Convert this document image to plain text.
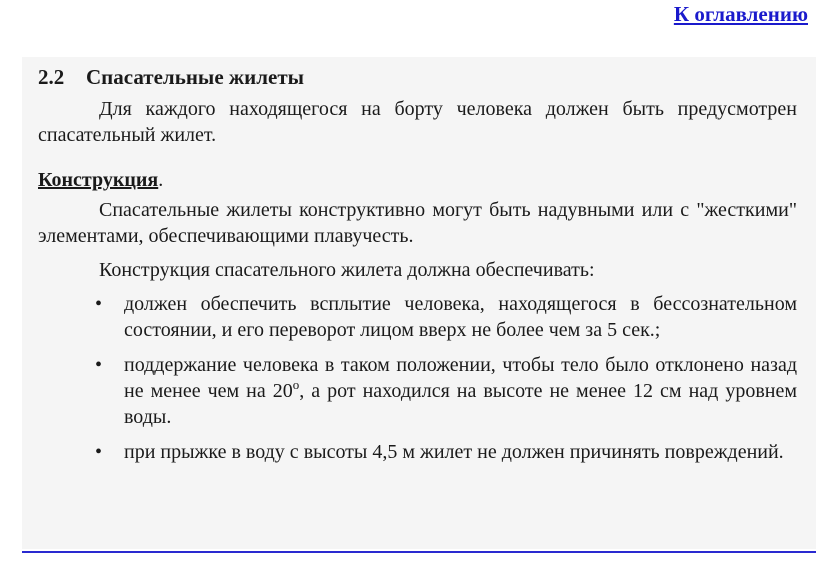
К оглавлению
2.2 Спасательные жилеты

Для каждого находящегося на борту человека должен быть предусмотрен спасательный жилет.

Конструкция.

Спасательные жилеты конструктивно могут быть надувными или с "жесткими" элементами, обеспечивающими плавучесть.

Конструкция спасательного жилета должна обеспечивать:

• должен обеспечить всплытие человека, находящегося в бессознательном состоянии, и его переворот лицом вверх не более чем за 5 сек.;
• поддержание человека в таком положении, чтобы тело было отклонено назад не менее чем на 20$^o$, а рот находился на высоте не менее 12 см над уровнем воды.
• при прыжке в воду с высоты 4,5 м жилет не должен причинять повреждений.
